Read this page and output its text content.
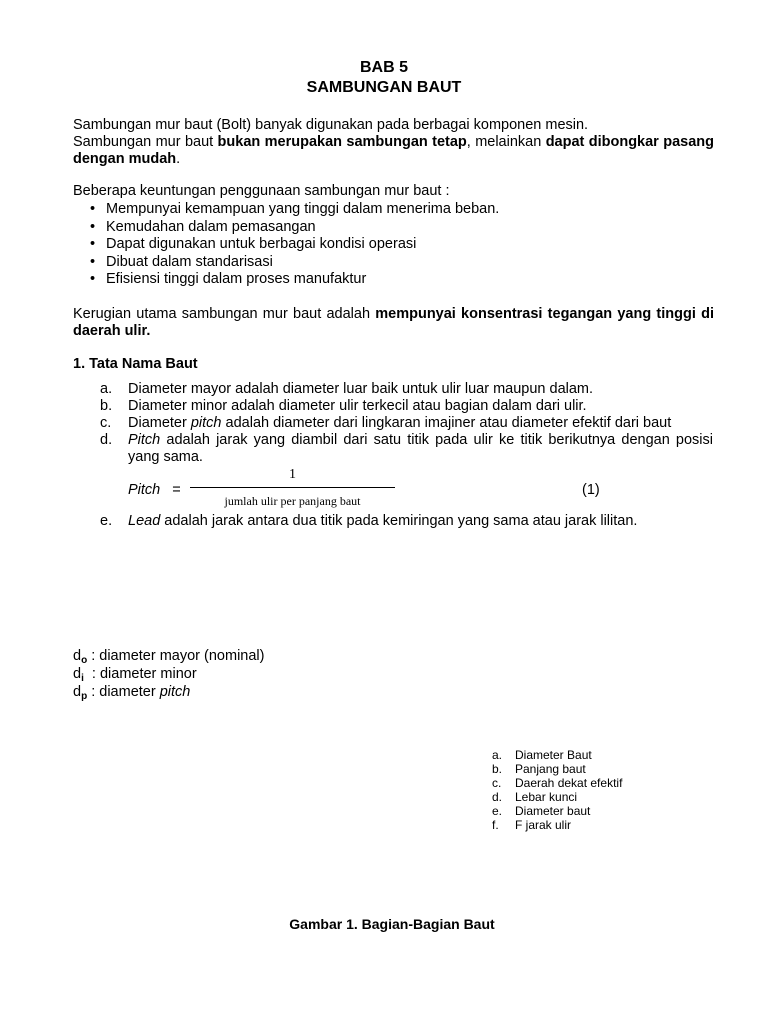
BAB 5
SAMBUNGAN BAUT
Sambungan mur baut (Bolt) banyak digunakan pada berbagai komponen mesin.
Sambungan mur baut bukan merupakan sambungan tetap, melainkan dapat dibongkar pasang dengan mudah.
Beberapa keuntungan penggunaan sambungan mur baut :
• Mempunyai kemampuan yang tinggi dalam menerima beban.
• Kemudahan dalam pemasangan
• Dapat digunakan untuk berbagai kondisi operasi
• Dibuat dalam standarisasi
• Efisiensi tinggi dalam proses manufaktur
Kerugian utama sambungan mur baut adalah mempunyai konsentrasi tegangan yang tinggi di daerah ulir.
1. Tata Nama Baut
a. Diameter mayor adalah diameter luar baik untuk ulir luar maupun dalam.
b. Diameter minor adalah diameter ulir terkecil atau bagian dalam dari ulir.
c. Diameter pitch adalah diameter dari lingkaran imajiner atau diameter efektif dari baut
d. Pitch adalah jarak yang diambil dari satu titik pada ulir ke titik berikutnya dengan posisi yang sama.
Pitch =
1
jumlah ulir per panjang baut
(1)
e. Lead adalah jarak antara dua titik pada kemiringan yang sama atau jarak lilitan.
$d_o$ : diameter mayor (nominal)
$d_i$  : diameter minor
$d_p$ : diameter pitch
a. Diameter Baut
b. Panjang baut
c. Daerah dekat efektif
d. Lebar kunci
e. Diameter baut
f. F jarak ulir
Gambar 1. Bagian-Bagian Baut
